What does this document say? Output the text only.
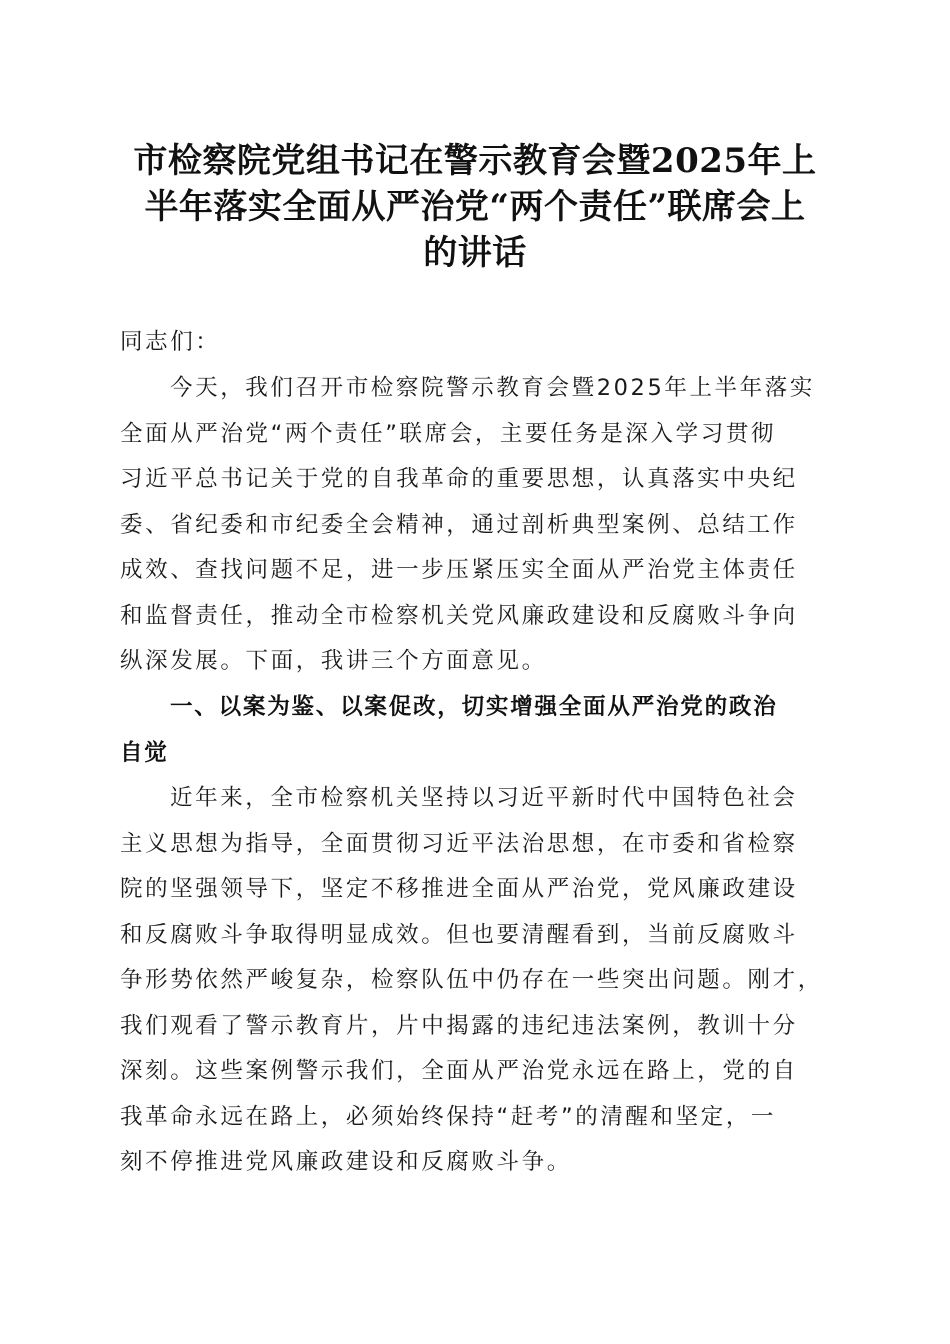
市检察院党组书记在警示教育会暨2025年上
半年落实全面从严治党“两个责任”联席会上
的讲话
同志们：
今天，我们召开市检察院警示教育会暨2025年上半年落实
全面从严治党“两个责任”联席会，主要任务是深入学习贯彻
习近平总书记关于党的自我革命的重要思想，认真落实中央纪
委、省纪委和市纪委全会精神，通过剖析典型案例、总结工作
成效、查找问题不足，进一步压紧压实全面从严治党主体责任
和监督责任，推动全市检察机关党风廉政建设和反腐败斗争向
纵深发展。下面，我讲三个方面意见。
一、以案为鉴、以案促改，切实增强全面从严治党的政治
自觉
近年来，全市检察机关坚持以习近平新时代中国特色社会
主义思想为指导，全面贯彻习近平法治思想，在市委和省检察
院的坚强领导下，坚定不移推进全面从严治党，党风廉政建设
和反腐败斗争取得明显成效。但也要清醒看到，当前反腐败斗
争形势依然严峻复杂，检察队伍中仍存在一些突出问题。刚才，
我们观看了警示教育片，片中揭露的违纪违法案例，教训十分
深刻。这些案例警示我们，全面从严治党永远在路上，党的自
我革命永远在路上，必须始终保持“赶考”的清醒和坚定，一
刻不停推进党风廉政建设和反腐败斗争。
